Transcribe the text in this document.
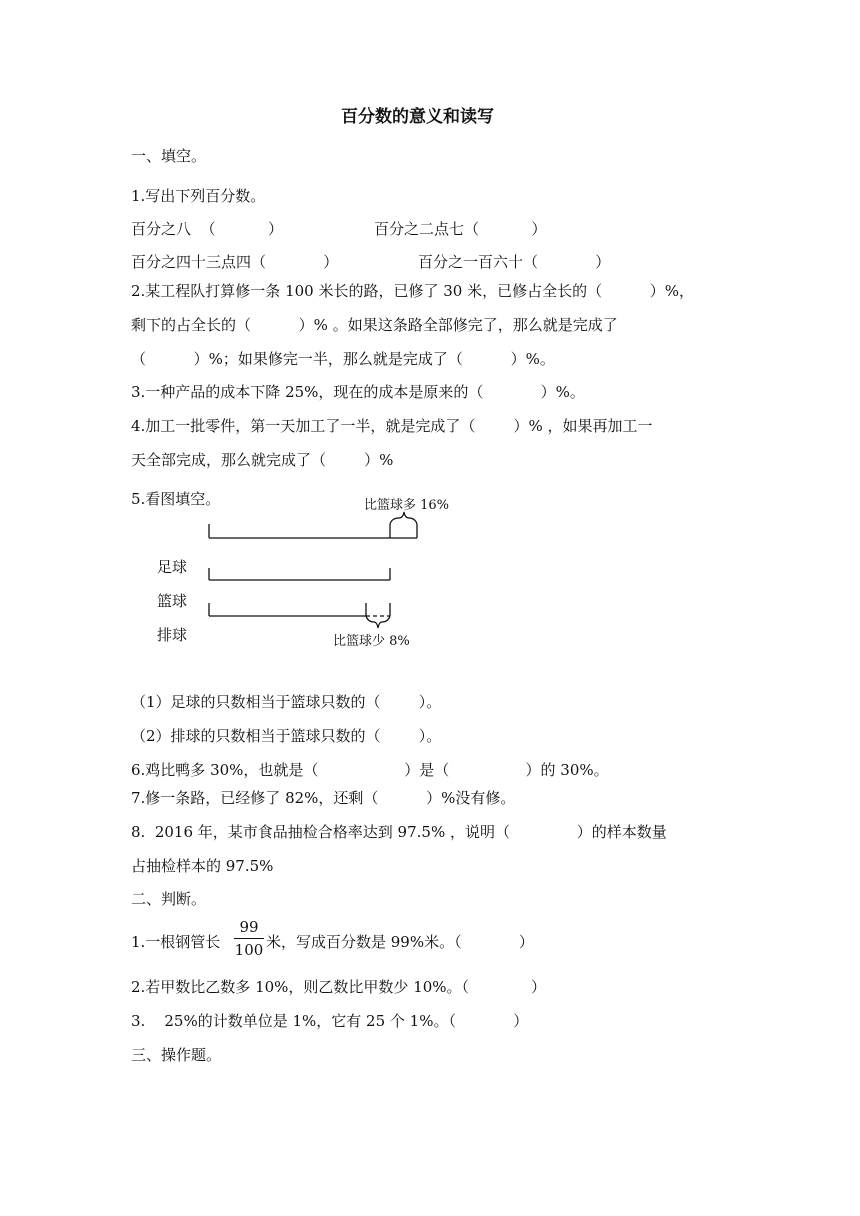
百分数的意义和读写
一、填空。
1.写出下列百分数。
百分之八  （           ）	百分之二点七（           ）
百分之四十三点四（            ）	百分之一百六十（            ）
2.某工程队打算修一条 100 米长的路，已修了 30 米，已修占全长的（          ）%，
剩下的占全长的（          ）% 。如果这条路全部修完了，那么就是完成了
（          ）%；如果修完一半，那么就是完成了（          ）%。
3.一种产品的成本下降 25%，现在的成本是原来的（            ）%。
4.加工一批零件，第一天加工了一半，就是完成了（        ）% ，如果再加工一
天全部完成，那么就完成了（        ）%
5.看图填空。	比篮球多 16%
足球
篮球
排球	比篮球少 8%
（1）足球的只数相当于篮球只数的（        ）。
（2）排球的只数相当于篮球只数的（        ）。
6.鸡比鸭多 30%，也就是（                  ）是（                ）的 30%。
7.修一条路，已经修了 82%，还剩（          ）%没有修。
8.  2016 年，某市食品抽检合格率达到 97.5% ，说明（              ）的样本数量
占抽检样本的 97.5%
二、判断。
1.一根钢管长
99
100 米，写成百分数是 99%米。（            ）
2.若甲数比乙数多 10%，则乙数比甲数少 10%。（             ）
3.    25%的计数单位是 1%，它有 25 个 1%。（            ）
三、操作题。
